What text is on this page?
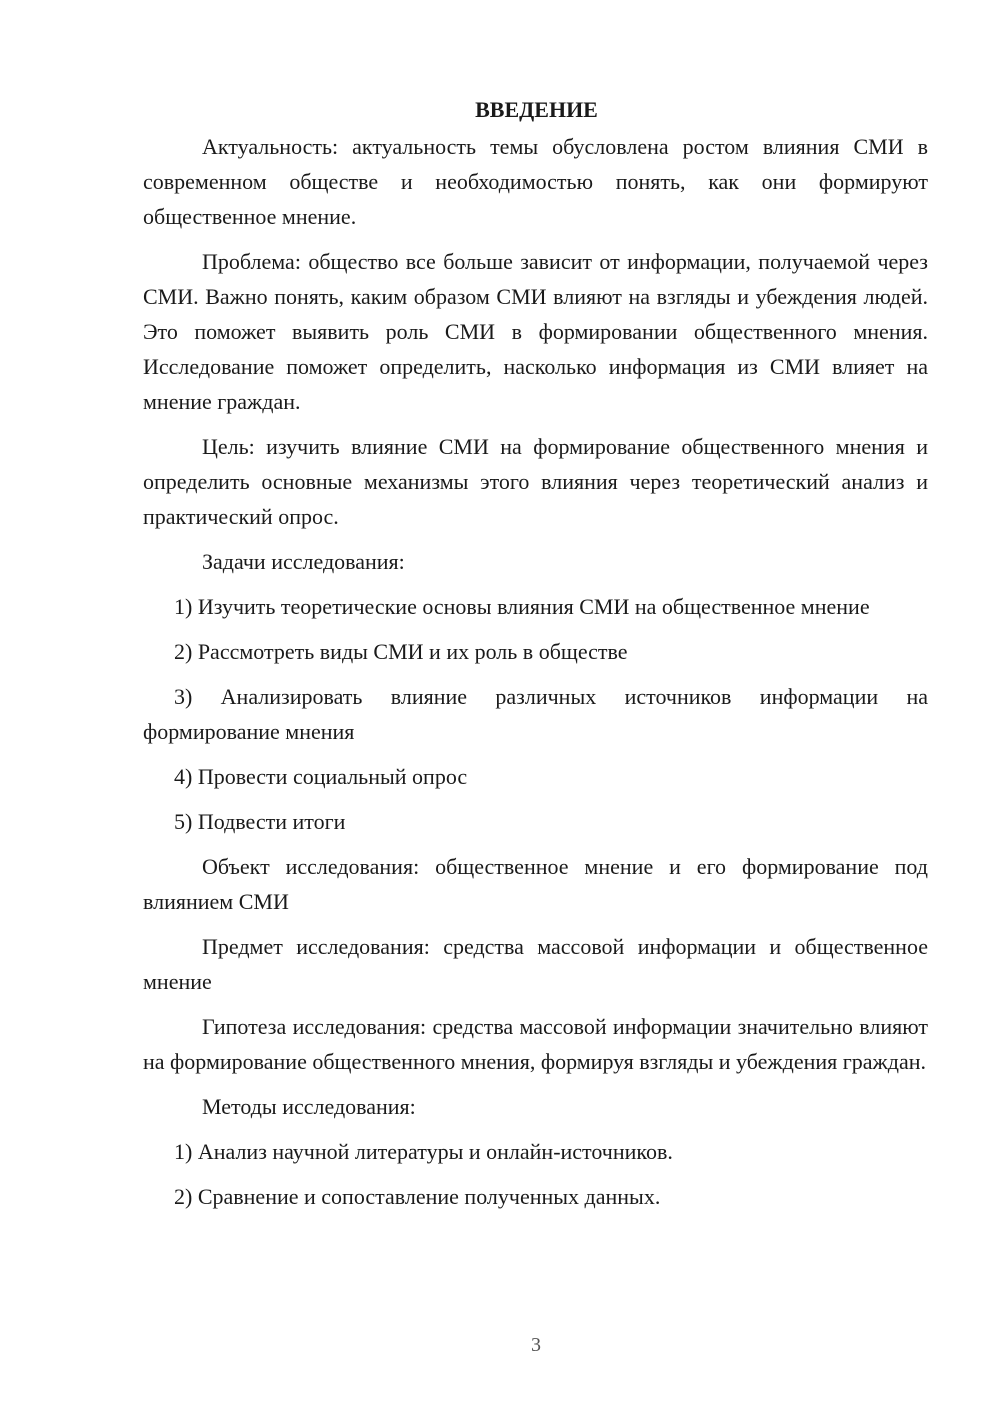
ВВЕДЕНИЕ

Актуальность: актуальность темы обусловлена ростом влияния СМИ в современном обществе и необходимостью понять, как они формируют общественное мнение.

Проблема: общество все больше зависит от информации, получаемой через СМИ. Важно понять, каким образом СМИ влияют на взгляды и убеждения людей. Это поможет выявить роль СМИ в формировании общественного мнения. Исследование поможет определить, насколько информация из СМИ влияет на мнение граждан.

Цель: изучить влияние СМИ на формирование общественного мнения и определить основные механизмы этого влияния через теоретический анализ и практический опрос.

Задачи исследования:

1) Изучить теоретические основы влияния СМИ на общественное мнение

2) Рассмотреть виды СМИ и их роль в обществе

3) Анализировать влияние различных источников информации на формирование мнения

4) Провести социальный опрос

5) Подвести итоги

Объект исследования: общественное мнение и его формирование под влиянием СМИ

Предмет исследования: средства массовой информации и общественное мнение

Гипотеза исследования: средства массовой информации значительно влияют на формирование общественного мнения, формируя взгляды и убеждения граждан.

Методы исследования:

1) Анализ научной литературы и онлайн-источников.

2) Сравнение и сопоставление полученных данных.

3
